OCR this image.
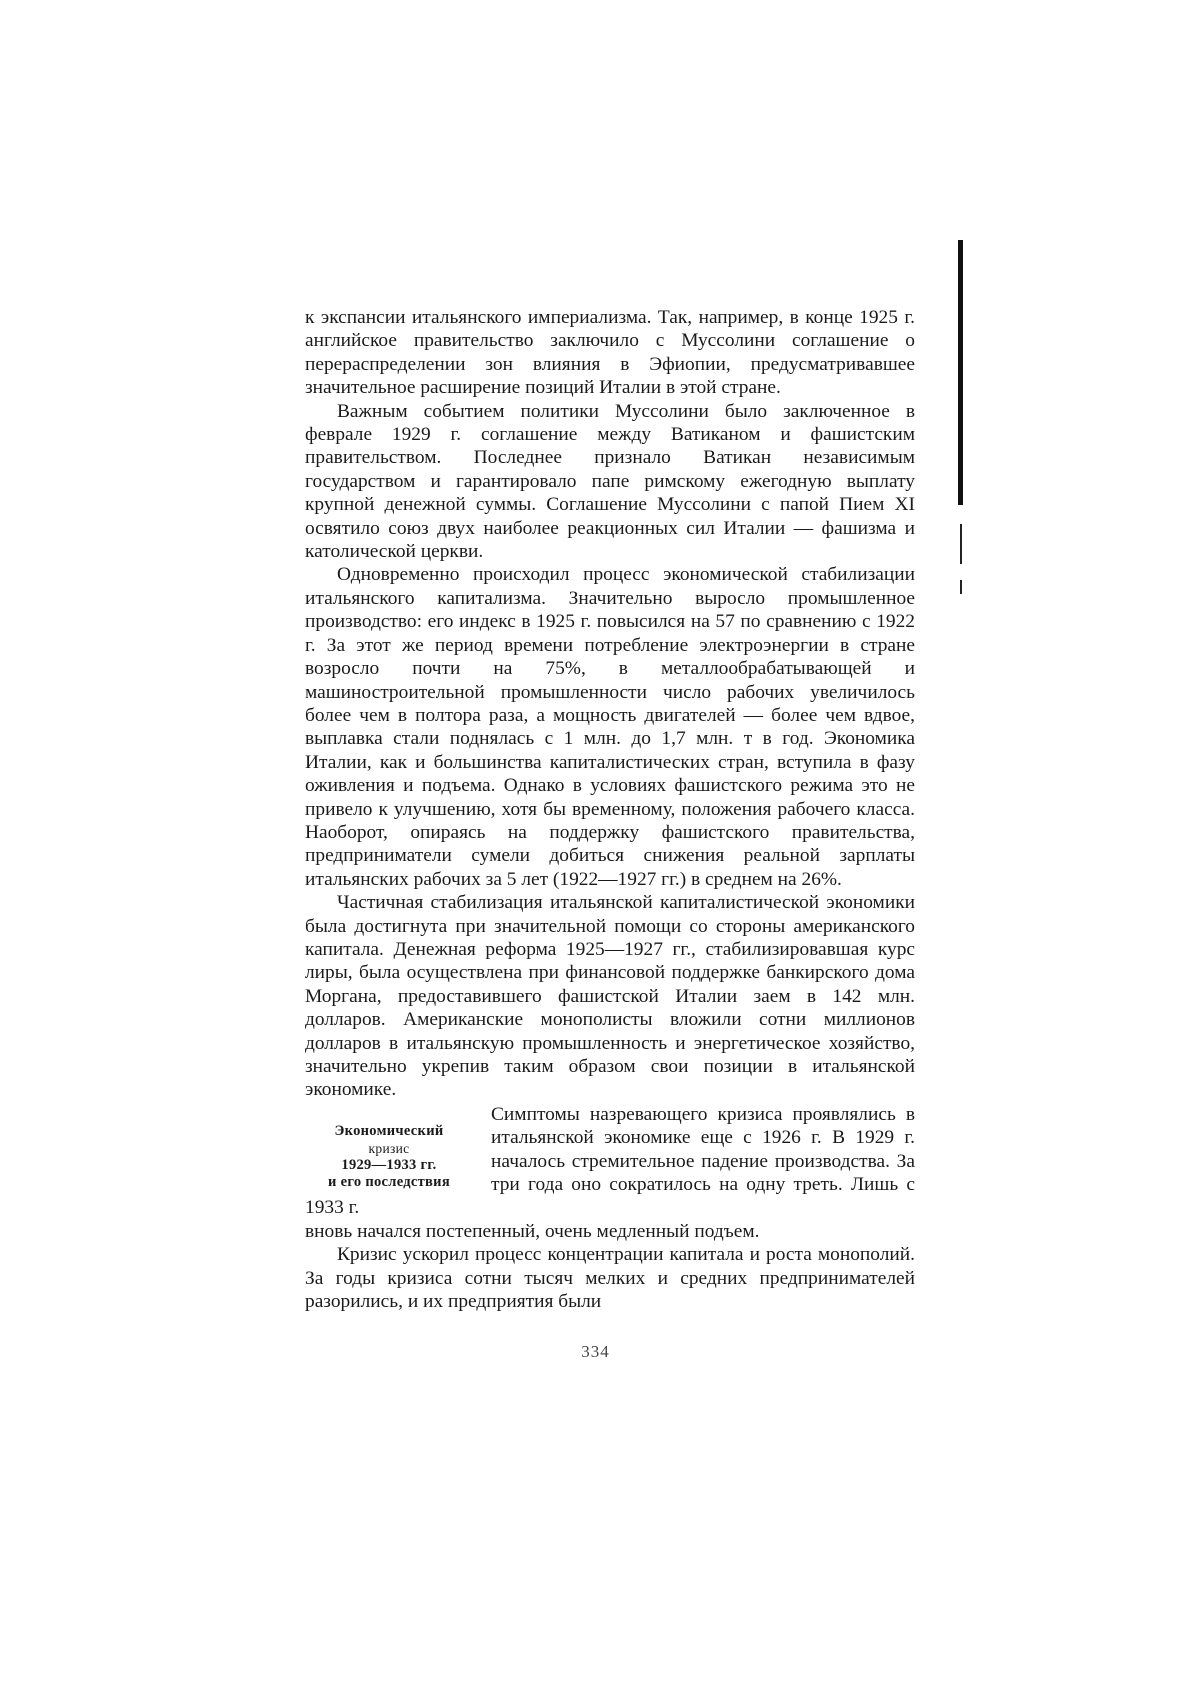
к экспансии итальянского империализма. Так, например, в конце 1925 г. английское правительство заключило с Муссолини соглашение о перераспределении зон влияния в Эфиопии, предусматривавшее значительное расширение позиций Италии в этой стране.

Важным событием политики Муссолини было заключенное в феврале 1929 г. соглашение между Ватиканом и фашистским правительством. Последнее признало Ватикан независимым государством и гарантировало папе римскому ежегодную выплату крупной денежной суммы. Соглашение Муссолини с папой Пием XI освятило союз двух наиболее реакционных сил Италии — фашизма и католической церкви.

Одновременно происходил процесс экономической стабилизации итальянского капитализма. Значительно выросло промышленное производство: его индекс в 1925 г. повысился на 57 по сравнению с 1922 г. За этот же период времени потребление электроэнергии в стране возросло почти на 75%, в металлообрабатывающей и машиностроительной промышленности число рабочих увеличилось более чем в полтора раза, а мощность двигателей — более чем вдвое, выплавка стали поднялась с 1 млн. до 1,7 млн. т в год. Экономика Италии, как и большинства капиталистических стран, вступила в фазу оживления и подъема. Однако в условиях фашистского режима это не привело к улучшению, хотя бы временному, положения рабочего класса. Наоборот, опираясь на поддержку фашистского правительства, предприниматели сумели добиться снижения реальной зарплаты итальянских рабочих за 5 лет (1922—1927 гг.) в среднем на 26%.

Частичная стабилизация итальянской капиталистической экономики была достигнута при значительной помощи со стороны американского капитала. Денежная реформа 1925—1927 гг., стабилизировавшая курс лиры, была осуществлена при финансовой поддержке банкирского дома Моргана, предоставившего фашистской Италии заем в 142 млн. долларов. Американские монополисты вложили сотни миллионов долларов в итальянскую промышленность и энергетическое хозяйство, значительно укрепив таким образом свои позиции в итальянской экономике.

Экономический
кризис
1929—1933 гг.
и его последствия

Симптомы назревающего кризиса проявлялись в итальянской экономике еще с 1926 г. В 1929 г. началось стремительное падение производства. За три года оно сократилось на одну треть. Лишь с 1933 г.

вновь начался постепенный, очень медленный подъем.

Кризис ускорил процесс концентрации капитала и роста монополий. За годы кризиса сотни тысяч мелких и средних предпринимателей разорились, и их предприятия были

334
